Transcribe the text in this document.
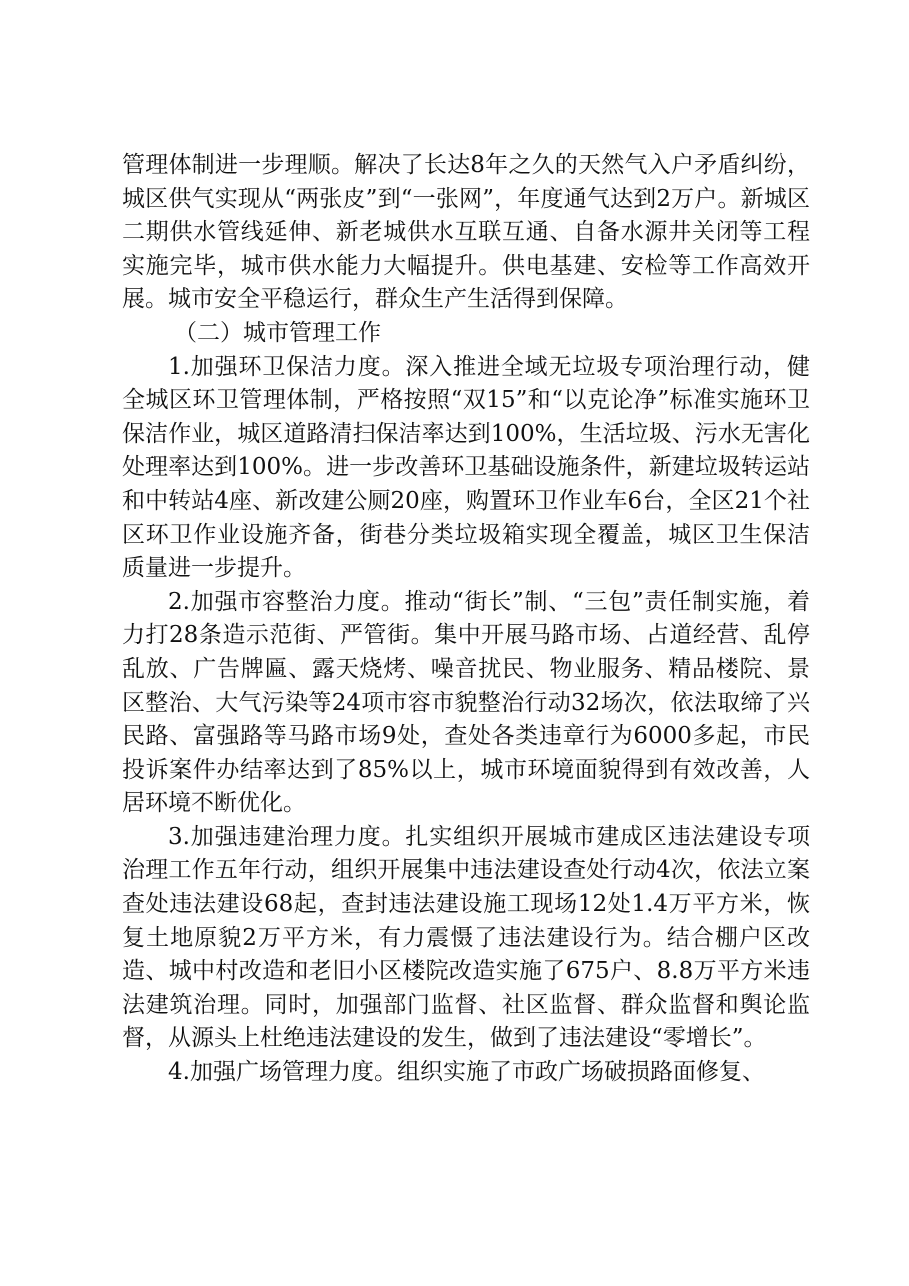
管理体制进一步理顺。解决了长达8年之久的天然气入户矛盾纠纷，城区供气实现从“两张皮”到“一张网”，年度通气达到2万户。新城区二期供水管线延伸、新老城供水互联互通、自备水源井关闭等工程实施完毕，城市供水能力大幅提升。供电基建、安检等工作高效开展。城市安全平稳运行，群众生产生活得到保障。

（二）城市管理工作

1.加强环卫保洁力度。深入推进全域无垃圾专项治理行动，健全城区环卫管理体制，严格按照“双15”和“以克论净”标准实施环卫保洁作业，城区道路清扫保洁率达到100%，生活垃圾、污水无害化处理率达到100%。进一步改善环卫基础设施条件，新建垃圾转运站和中转站4座、新改建公厕20座，购置环卫作业车6台，全区21个社区环卫作业设施齐备，街巷分类垃圾箱实现全覆盖，城区卫生保洁质量进一步提升。

2.加强市容整治力度。推动“街长”制、“三包”责任制实施，着力打28条造示范街、严管街。集中开展马路市场、占道经营、乱停乱放、广告牌匾、露天烧烤、噪音扰民、物业服务、精品楼院、景区整治、大气污染等24项市容市貌整治行动32场次，依法取缔了兴民路、富强路等马路市场9处，查处各类违章行为6000多起，市民投诉案件办结率达到了85%以上，城市环境面貌得到有效改善，人居环境不断优化。

3.加强违建治理力度。扎实组织开展城市建成区违法建设专项治理工作五年行动，组织开展集中违法建设查处行动4次，依法立案查处违法建设68起，查封违法建设施工现场12处1.4万平方米，恢复土地原貌2万平方米，有力震慑了违法建设行为。结合棚户区改造、城中村改造和老旧小区楼院改造实施了675户、8.8万平方米违法建筑治理。同时，加强部门监督、社区监督、群众监督和舆论监督，从源头上杜绝违法建设的发生，做到了违法建设“零增长”。

4.加强广场管理力度。组织实施了市政广场破损路面修复、
